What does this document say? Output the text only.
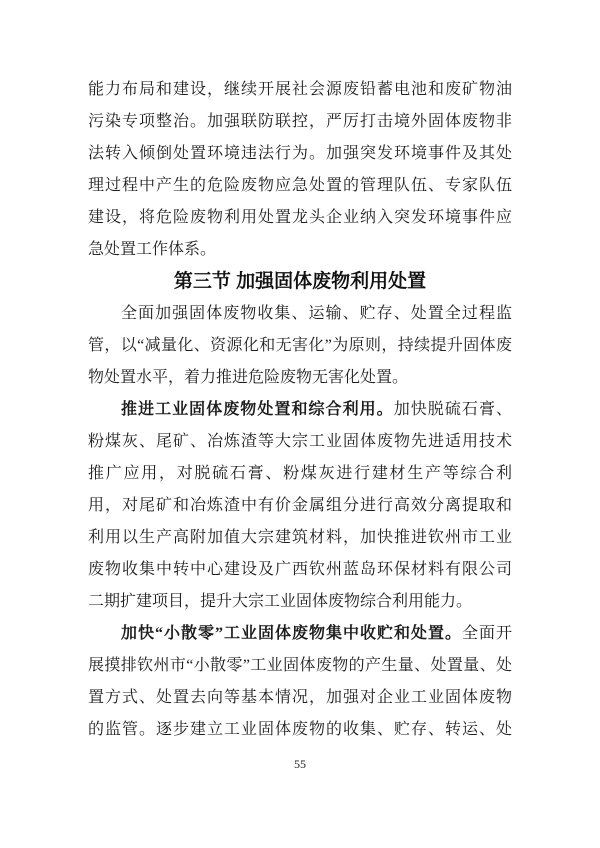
能力布局和建设，继续开展社会源废铅蓄电池和废矿物油
污染专项整治。加强联防联控，严厉打击境外固体废物非
法转入倾倒处置环境违法行为。加强突发环境事件及其处
理过程中产生的危险废物应急处置的管理队伍、专家队伍
建设，将危险废物利用处置龙头企业纳入突发环境事件应
急处置工作体系。
第三节 加强固体废物利用处置
全面加强固体废物收集、运输、贮存、处置全过程监
管，以“减量化、资源化和无害化”为原则，持续提升固体废
物处置水平，着力推进危险废物无害化处置。
推进工业固体废物处置和综合利用。加快脱硫石膏、
粉煤灰、尾矿、冶炼渣等大宗工业固体废物先进适用技术
推广应用，对脱硫石膏、粉煤灰进行建材生产等综合利
用，对尾矿和冶炼渣中有价金属组分进行高效分离提取和
利用以生产高附加值大宗建筑材料，加快推进钦州市工业
废物收集中转中心建设及广西钦州蓝岛环保材料有限公司
二期扩建项目，提升大宗工业固体废物综合利用能力。
加快“小散零”工业固体废物集中收贮和处置。全面开
展摸排钦州市“小散零”工业固体废物的产生量、处置量、处
置方式、处置去向等基本情况，加强对企业工业固体废物
的监管。逐步建立工业固体废物的收集、贮存、转运、处
55
